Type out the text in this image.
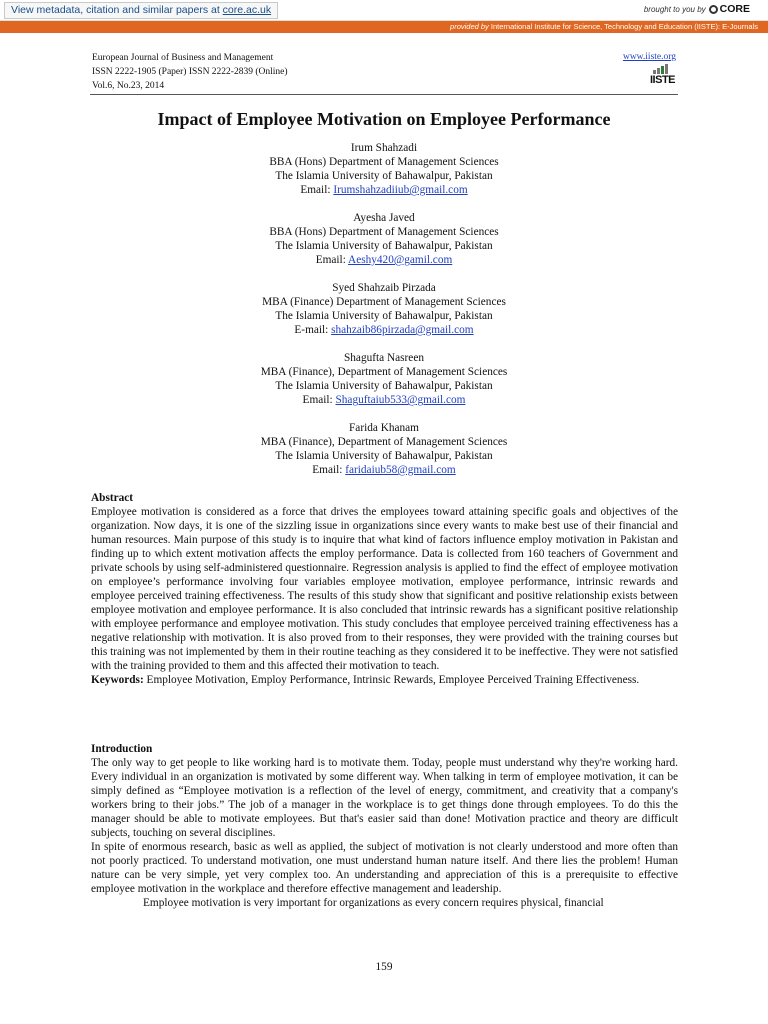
View metadata, citation and similar papers at core.ac.uk	brought to you by CORE
provided by International Institute for Science, Technology and Education (IISTE): E-Journals
European Journal of Business and Management
ISSN 2222-1905 (Paper) ISSN 2222-2839 (Online)
Vol.6, No.23, 2014
www.iiste.org
IISTE
Impact of Employee Motivation on Employee Performance
Irum Shahzadi
BBA (Hons) Department of Management Sciences
The Islamia University of Bahawalpur, Pakistan
Email: Irumshahzadiiub@gmail.com
Ayesha Javed
BBA (Hons) Department of Management Sciences
The Islamia University of Bahawalpur, Pakistan
Email: Aeshy420@gamil.com
Syed Shahzaib Pirzada
MBA (Finance) Department of Management Sciences
The Islamia University of Bahawalpur, Pakistan
E-mail: shahzaib86pirzada@gmail.com
Shagufta Nasreen
MBA (Finance), Department of Management Sciences
The Islamia University of Bahawalpur, Pakistan
Email: Shaguftaiub533@gmail.com
Farida Khanam
MBA (Finance), Department of Management Sciences
The Islamia University of Bahawalpur, Pakistan
Email: faridaiub58@gmail.com

Abstract

Employee motivation is considered as a force that drives the employees toward attaining specific goals and objectives of the organization. Now days, it is one of the sizzling issue in organizations since every wants to make best use of their financial and human resources. Main purpose of this study is to inquire that what kind of factors influence employ motivation in Pakistan and finding up to which extent motivation affects the employ performance. Data is collected from 160 teachers of Government and private schools by using self-administered questionnaire. Regression analysis is applied to find the effect of employee motivation on employee’s performance involving four variables employee motivation, employee performance, intrinsic rewards and employee perceived training effectiveness. The results of this study show that significant and positive relationship exists between employee motivation and employee performance. It is also concluded that intrinsic rewards has a significant positive relationship with employee performance and employee motivation. This study concludes that employee perceived training effectiveness has a negative relationship with motivation. It is also proved from to their responses, they were provided with the training courses but this training was not implemented by them in their routine teaching as they considered it to be ineffective. They were not satisfied with the training provided to them and this affected their motivation to teach.

Keywords: Employee Motivation, Employ Performance, Intrinsic Rewards, Employee Perceived Training Effectiveness.

Introduction

The only way to get people to like working hard is to motivate them. Today, people must understand why they're working hard. Every individual in an organization is motivated by some different way. When talking in term of employee motivation, it can be simply defined as “Employee motivation is a reflection of the level of energy, commitment, and creativity that a company's workers bring to their jobs.” The job of a manager in the workplace is to get things done through employees. To do this the manager should be able to motivate employees. But that's easier said than done! Motivation practice and theory are difficult subjects, touching on several disciplines.

In spite of enormous research, basic as well as applied, the subject of motivation is not clearly understood and more often than not poorly practiced. To understand motivation, one must understand human nature itself. And there lies the problem! Human nature can be very simple, yet very complex too. An understanding and appreciation of this is a prerequisite to effective employee motivation in the workplace and therefore effective management and leadership.

Employee motivation is very important for organizations as every concern requires physical, financial

159
